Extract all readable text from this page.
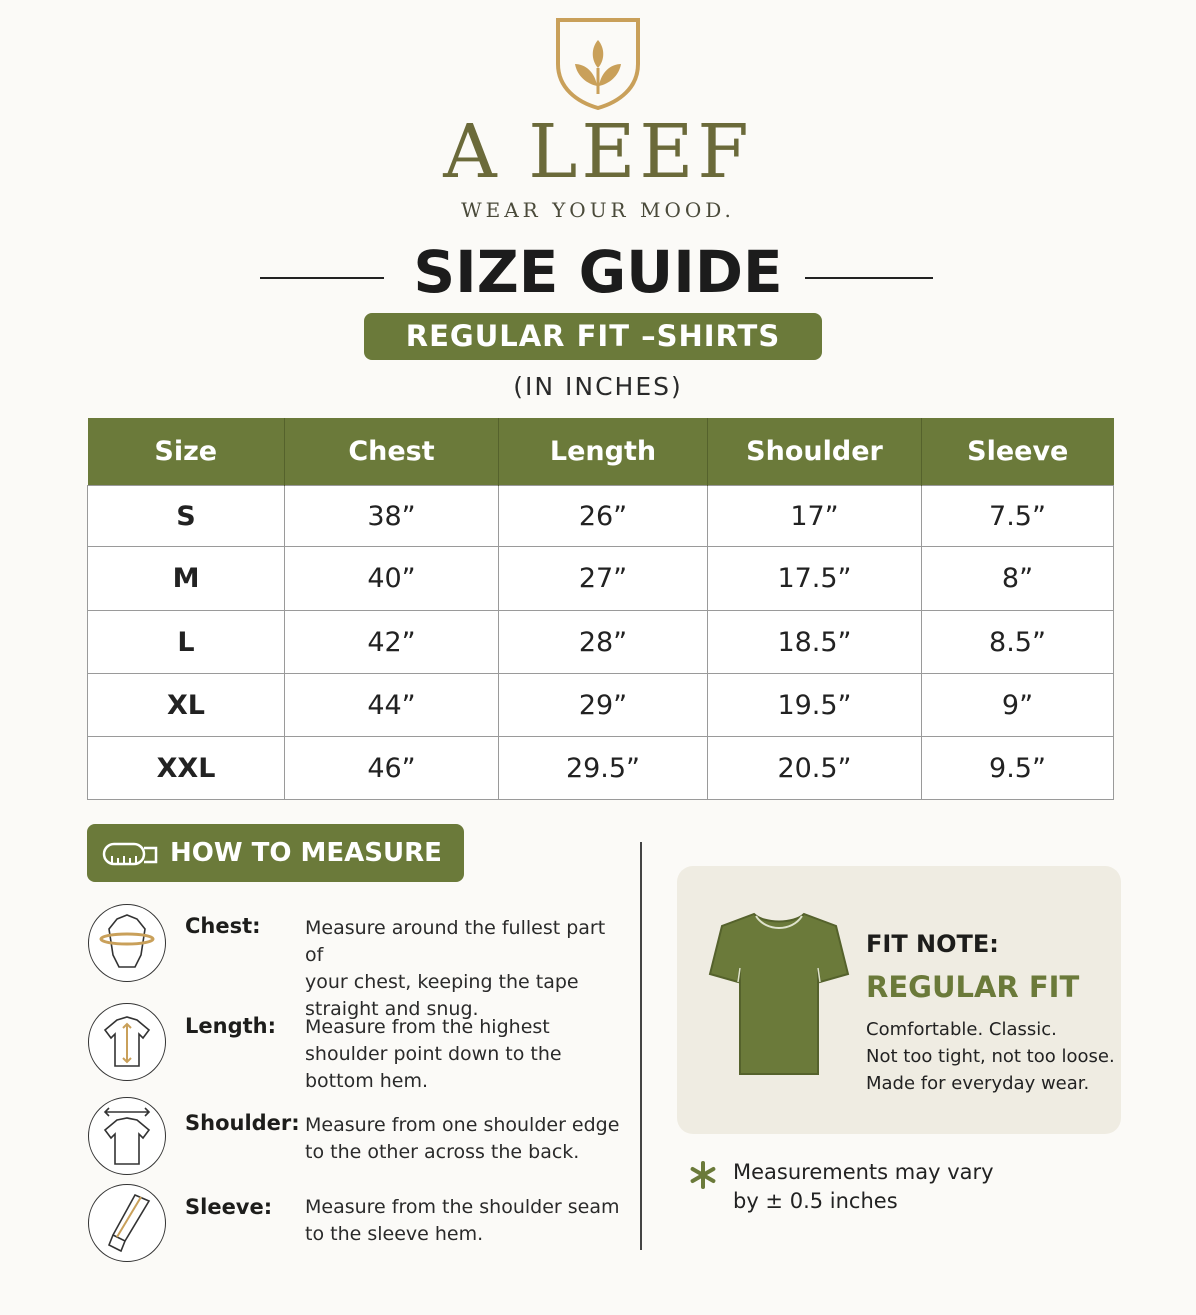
A LEEF
WEAR YOUR MOOD.
SIZE GUIDE
REGULAR FIT –SHIRTS
(IN INCHES)
Size	Chest	Length	Shoulder	Sleeve
S	38”	26”	17”	7.5”
M	40”	27”	17.5”	8”
L	42”	28”	18.5”	8.5”
XL	44”	29”	19.5”	9”
XXL	46”	29.5”	20.5”	9.5”
HOW TO MEASURE
Chest: Measure around the fullest part of
your chest, keeping the tape
straight and snug.
Length: Measure from the highest
shoulder point down to the
bottom hem.
Shoulder: Measure from one shoulder edge
to the other across the back.
Sleeve: Measure from the shoulder seam
to the sleeve hem.
FIT NOTE:
REGULAR FIT
Comfortable. Classic.
Not too tight, not too loose.
Made for everyday wear.
Measurements may vary
by ± 0.5 inches
